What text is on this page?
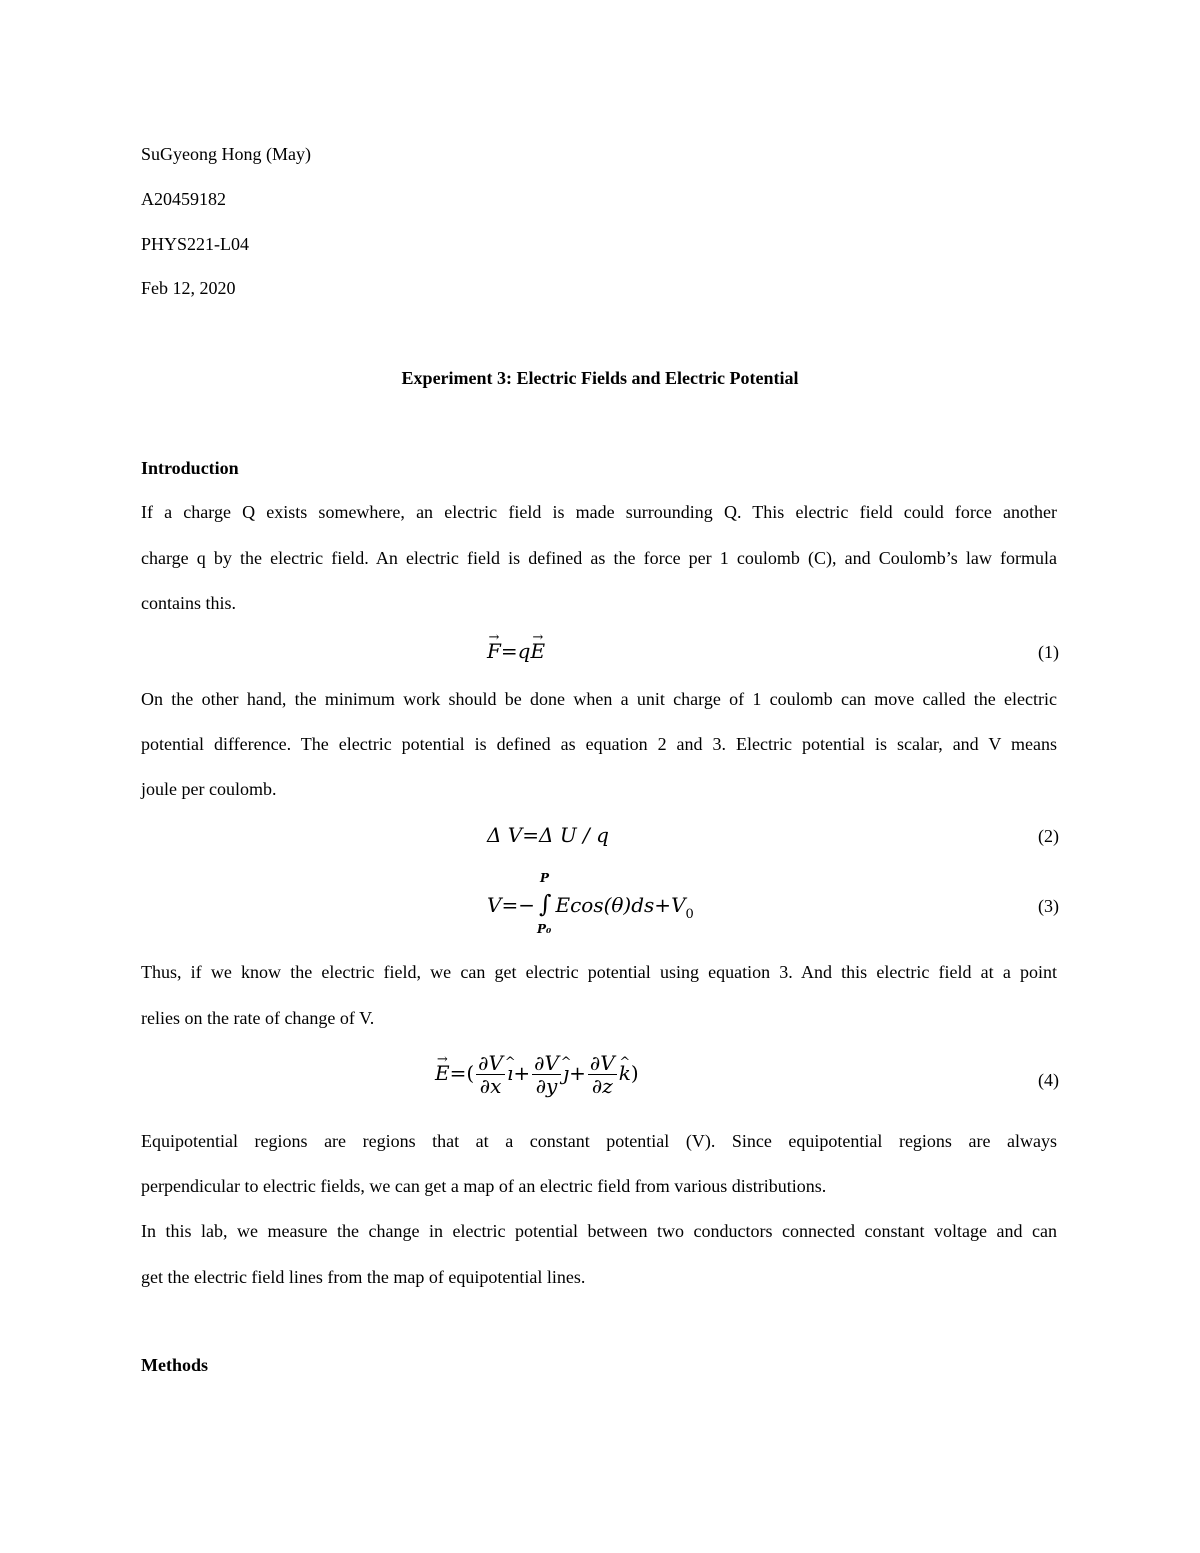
SuGyeong Hong (May)
A20459182
PHYS221-L04
Feb 12, 2020
Experiment 3: Electric Fields and Electric Potential
Introduction
If a charge Q exists somewhere, an electric field is made surrounding Q. This electric field could force another
charge q by the electric field. An electric field is defined as the force per 1 coulomb (C), and Coulomb’s law formula
contains this.
→ F=q→ E	(1)
On the other hand, the minimum work should be done when a unit charge of 1 coulomb can move called the electric
potential difference. The electric potential is defined as equation 2 and 3. Electric potential is scalar, and V means
joule per coulomb.
Δ V=Δ U / q	(2)
V=− ∫
P
P₀
$Ecos(\theta)ds+V_0$	(3)
Thus, if we know the electric field, we can get electric potential using equation 3. And this electric field at a point
relies on the rate of change of V.
→ $E=( \frac{\partial V}{\partial x}$ ^ ı+ $\frac{\partial V}{\partial y}$ ^ ȷ+ $\frac{\partial V}{\partial z}$ ^ k)	(4)
Equipotential regions are regions that at a constant potential (V). Since equipotential regions are always
perpendicular to electric fields, we can get a map of an electric field from various distributions.
In this lab, we measure the change in electric potential between two conductors connected constant voltage and can
get the electric field lines from the map of equipotential lines.
Methods
